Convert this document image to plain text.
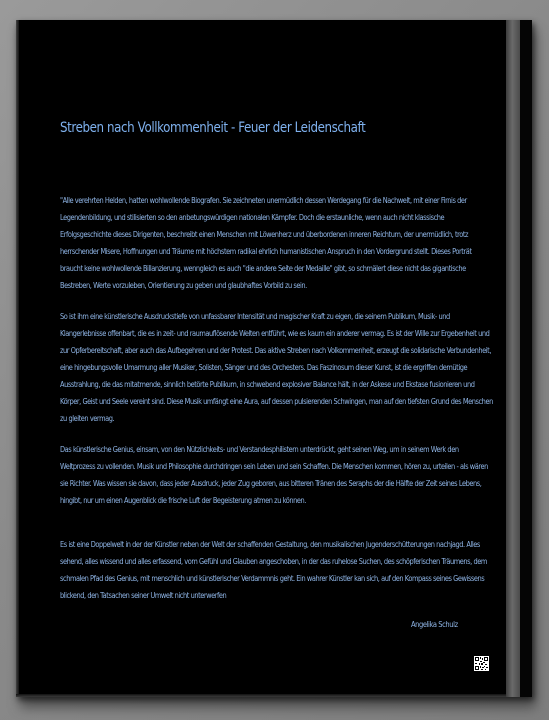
Streben nach Vollkommenheit - Feuer der Leidenschaft

"Alle verehrten Helden, hatten wohlwollende Biografen. Sie zeichneten unermüdlich dessen Werdegang für die Nachwelt, mit einer Firnis der Legendenbildung, und stilisierten so den anbetungswürdigen nationalen Kämpfer. Doch die erstaunliche, wenn auch nicht klassische Erfolgsgeschichte dieses Dirigenten, beschreibt einen Menschen mit Löwenherz und überbordenen inneren Reichtum, der unermüdlich, trotz herrschender Misere, Hoffnungen und Träume mit höchstem radikal ehrlich humanistischen Anspruch in den Vordergrund stellt. Dieses Porträt braucht keine wohlwollende Billanzierung, wenngleich es auch "die andere Seite der Medaille" gibt, so schmälert diese nicht das gigantische Bestreben, Werte vorzuleben, Orientierung zu geben und glaubhaftes Vorbild zu sein.

So ist ihm eine künstlerische Ausdruckstiefe von unfassbarer Intensität und magischer Kraft zu eigen, die seinem Publikum, Musik- und Klangerlebnisse offenbart, die es in zeit- und raumauflösende Welten entführt, wie es kaum ein anderer vermag. Es ist der Wille zur Ergebenheit und zur Opferbereitschaft, aber auch das Aufbegehren und der Protest. Das aktive Streben nach Volkommenheit, erzeugt die solidarische Verbundenheit, eine hingebungsvolle Umarmung aller Musiker, Solisten, Sänger und des Orchesters. Das Faszinosum dieser Kunst, ist die ergriffen demütige Ausstrahlung, die das mitatmende, sinnlich betörte Publikum, in schwebend explosiver Balance hält, in der Askese und Ekstase fusionieren und Körper, Geist und Seele vereint sind. Diese Musik umfängt eine Aura, auf dessen pulsierenden Schwingen, man auf den tiefsten Grund des Menschen zu gleiten vermag.

Das künstlerische Genius, einsam, von den Nützlichkeits- und Verstandesphilistern unterdrückt, geht seinen Weg, um in seinem Werk den Weltprozess zu vollenden. Musik und Philosophie durchdringen sein Leben und sein Schaffen. Die Menschen kommen, hören zu, urteilen - als wären sie Richter. Was wissen sie davon, dass jeder Ausdruck, jeder Zug geboren, aus bitteren Tränen des Seraphs der die Hälfte der Zeit seines Lebens, hingibt, nur um einen Augenblick die frische Luft der Begeisterung atmen zu können.

Es ist eine Doppelwelt in der der Künstler neben der Welt der schaffenden Gestaltung, den musikalischen Jugenderschütterungen nachjagd. Alles sehend, alles wissend und alles erfassend, vom Gefühl und Glauben angeschoben, in der das ruhelose Suchen, des schöpferischen Träumens, dem schmalen Pfad des Genius, mit menschlich und künstlerischer Verdammnis geht. Ein wahrer Künstler kan sich, auf den Kompass seines Gewissens blickend, den Tatsachen seiner Umwelt nicht unterwerfen

Angelika Schulz
